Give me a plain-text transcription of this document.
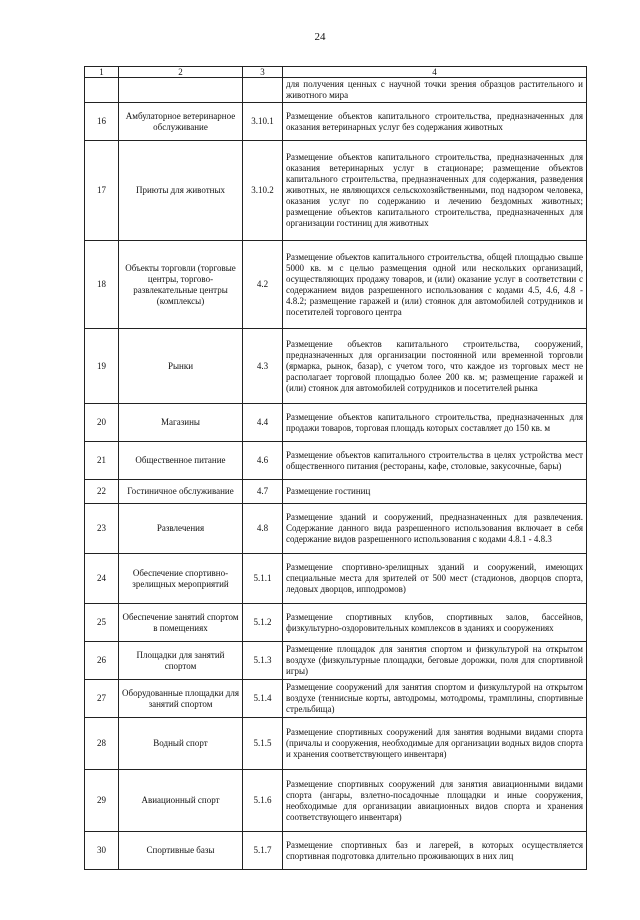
24
1	2	3	4
			для получения ценных с научной точки зрения образцов растительного и животного мира
16	Амбулаторное ветеринарное обслуживание	3.10.1	Размещение объектов капитального строительства, предназначенных для оказания ветеринарных услуг без содержания животных
17	Приюты для животных	3.10.2	Размещение объектов капитального строительства, предназначенных для оказания ветеринарных услуг в стационаре; размещение объектов капитального строительства, предназначенных для содержания, разведения животных, не являющихся сельскохозяйственными, под надзором человека, оказания услуг по содержанию и лечению бездомных животных; размещение объектов капитального строительства, предназначенных для организации гостиниц для животных
18	Объекты торговли (торговые центры, торгово-развлекательные центры (комплексы)	4.2	Размещение объектов капитального строительства, общей площадью свыше 5000 кв. м с целью размещения одной или нескольких организаций, осуществляющих продажу товаров, и (или) оказание услуг в соответствии с содержанием видов разрешенного использования с кодами 4.5, 4.6, 4.8 - 4.8.2; размещение гаражей и (или) стоянок для автомобилей сотрудников и посетителей торгового центра
19	Рынки	4.3	Размещение объектов капитального строительства, сооружений, предназначенных для организации постоянной или временной торговли (ярмарка, рынок, базар), с учетом того, что каждое из торговых мест не располагает торговой площадью более 200 кв. м; размещение гаражей и (или) стоянок для автомобилей сотрудников и посетителей рынка
20	Магазины	4.4	Размещение объектов капитального строительства, предназначенных для продажи товаров, торговая площадь которых составляет до 150 кв. м
21	Общественное питание	4.6	Размещение объектов капитального строительства в целях устройства мест общественного питания (рестораны, кафе, столовые, закусочные, бары)
22	Гостиничное обслуживание	4.7	Размещение гостиниц
23	Развлечения	4.8	Размещение зданий и сооружений, предназначенных для развлечения. Содержание данного вида разрешенного использования включает в себя содержание видов разрешенного использования с кодами 4.8.1 - 4.8.3
24	Обеспечение спортивно-зрелищных мероприятий	5.1.1	Размещение спортивно-зрелищных зданий и сооружений, имеющих специальные места для зрителей от 500 мест (стадионов, дворцов спорта, ледовых дворцов, ипподромов)
25	Обеспечение занятий спортом в помещениях	5.1.2	Размещение спортивных клубов, спортивных залов, бассейнов, физкультурно-оздоровительных комплексов в зданиях и сооружениях
26	Площадки для занятий спортом	5.1.3	Размещение площадок для занятия спортом и физкультурой на открытом воздухе (физкультурные площадки, беговые дорожки, поля для спортивной игры)
27	Оборудованные площадки для занятий спортом	5.1.4	Размещение сооружений для занятия спортом и физкультурой на открытом воздухе (теннисные корты, автодромы, мотодромы, трамплины, спортивные стрельбища)
28	Водный спорт	5.1.5	Размещение спортивных сооружений для занятия водными видами спорта (причалы и сооружения, необходимые для организации водных видов спорта и хранения соответствующего инвентаря)
29	Авиационный спорт	5.1.6	Размещение спортивных сооружений для занятия авиационными видами спорта (ангары, взлетно-посадочные площадки и иные сооружения, необходимые для организации авиационных видов спорта и хранения соответствующего инвентаря)
30	Спортивные базы	5.1.7	Размещение спортивных баз и лагерей, в которых осуществляется спортивная подготовка длительно проживающих в них лиц
